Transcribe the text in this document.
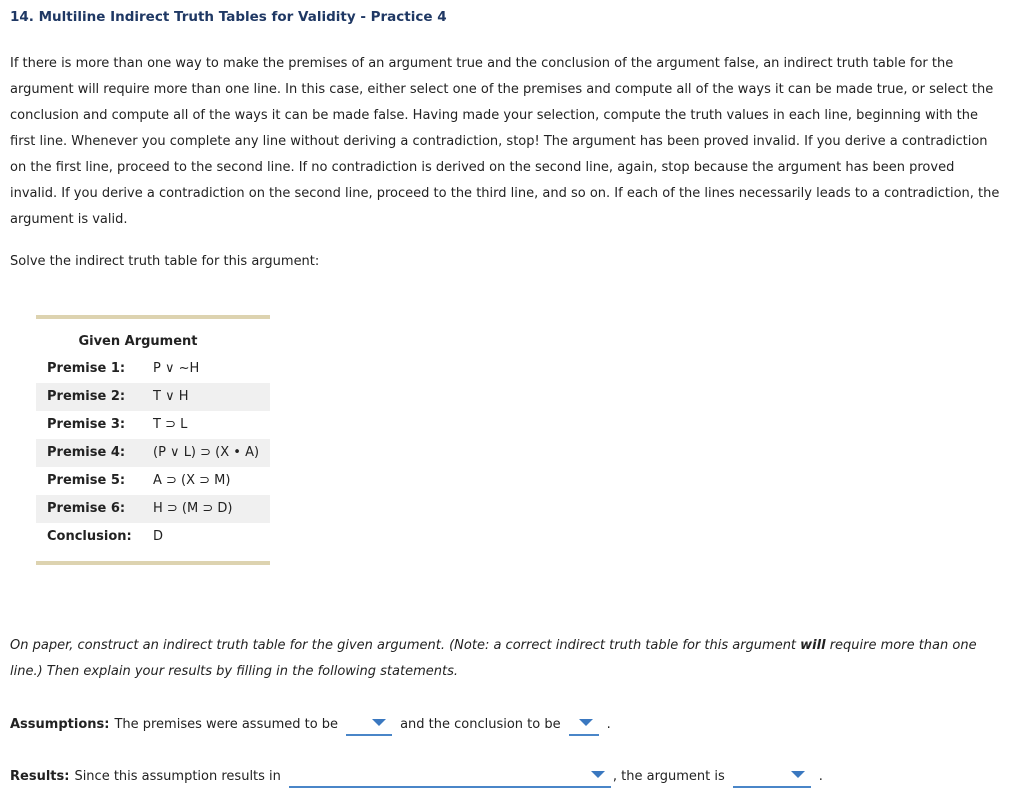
14. Multiline Indirect Truth Tables for Validity - Practice 4
If there is more than one way to make the premises of an argument true and the conclusion of the argument false, an indirect truth table for the argument will require more than one line. In this case, either select one of the premises and compute all of the ways it can be made true, or select the conclusion and compute all of the ways it can be made false. Having made your selection, compute the truth values in each line, beginning with the first line. Whenever you complete any line without deriving a contradiction, stop! The argument has been proved invalid. If you derive a contradiction on the first line, proceed to the second line. If no contradiction is derived on the second line, again, stop because the argument has been proved invalid. If you derive a contradiction on the second line, proceed to the third line, and so on. If each of the lines necessarily leads to a contradiction, the argument is valid.
Solve the indirect truth table for this argument:
Given Argument
Premise 1:	P ∨ ~H
Premise 2:	T ∨ H
Premise 3:	T ⊃ L
Premise 4:	(P ∨ L) ⊃ (X • A)
Premise 5:	A ⊃ (X ⊃ M)
Premise 6:	H ⊃ (M ⊃ D)
Conclusion:	D
On paper, construct an indirect truth table for the given argument. (Note: a correct indirect truth table for this argument will require more than one line.) Then explain your results by filling in the following statements.
Assumptions: The premises were assumed to be	and the conclusion to be	.
Results: Since this assumption results in	, the argument is	.
